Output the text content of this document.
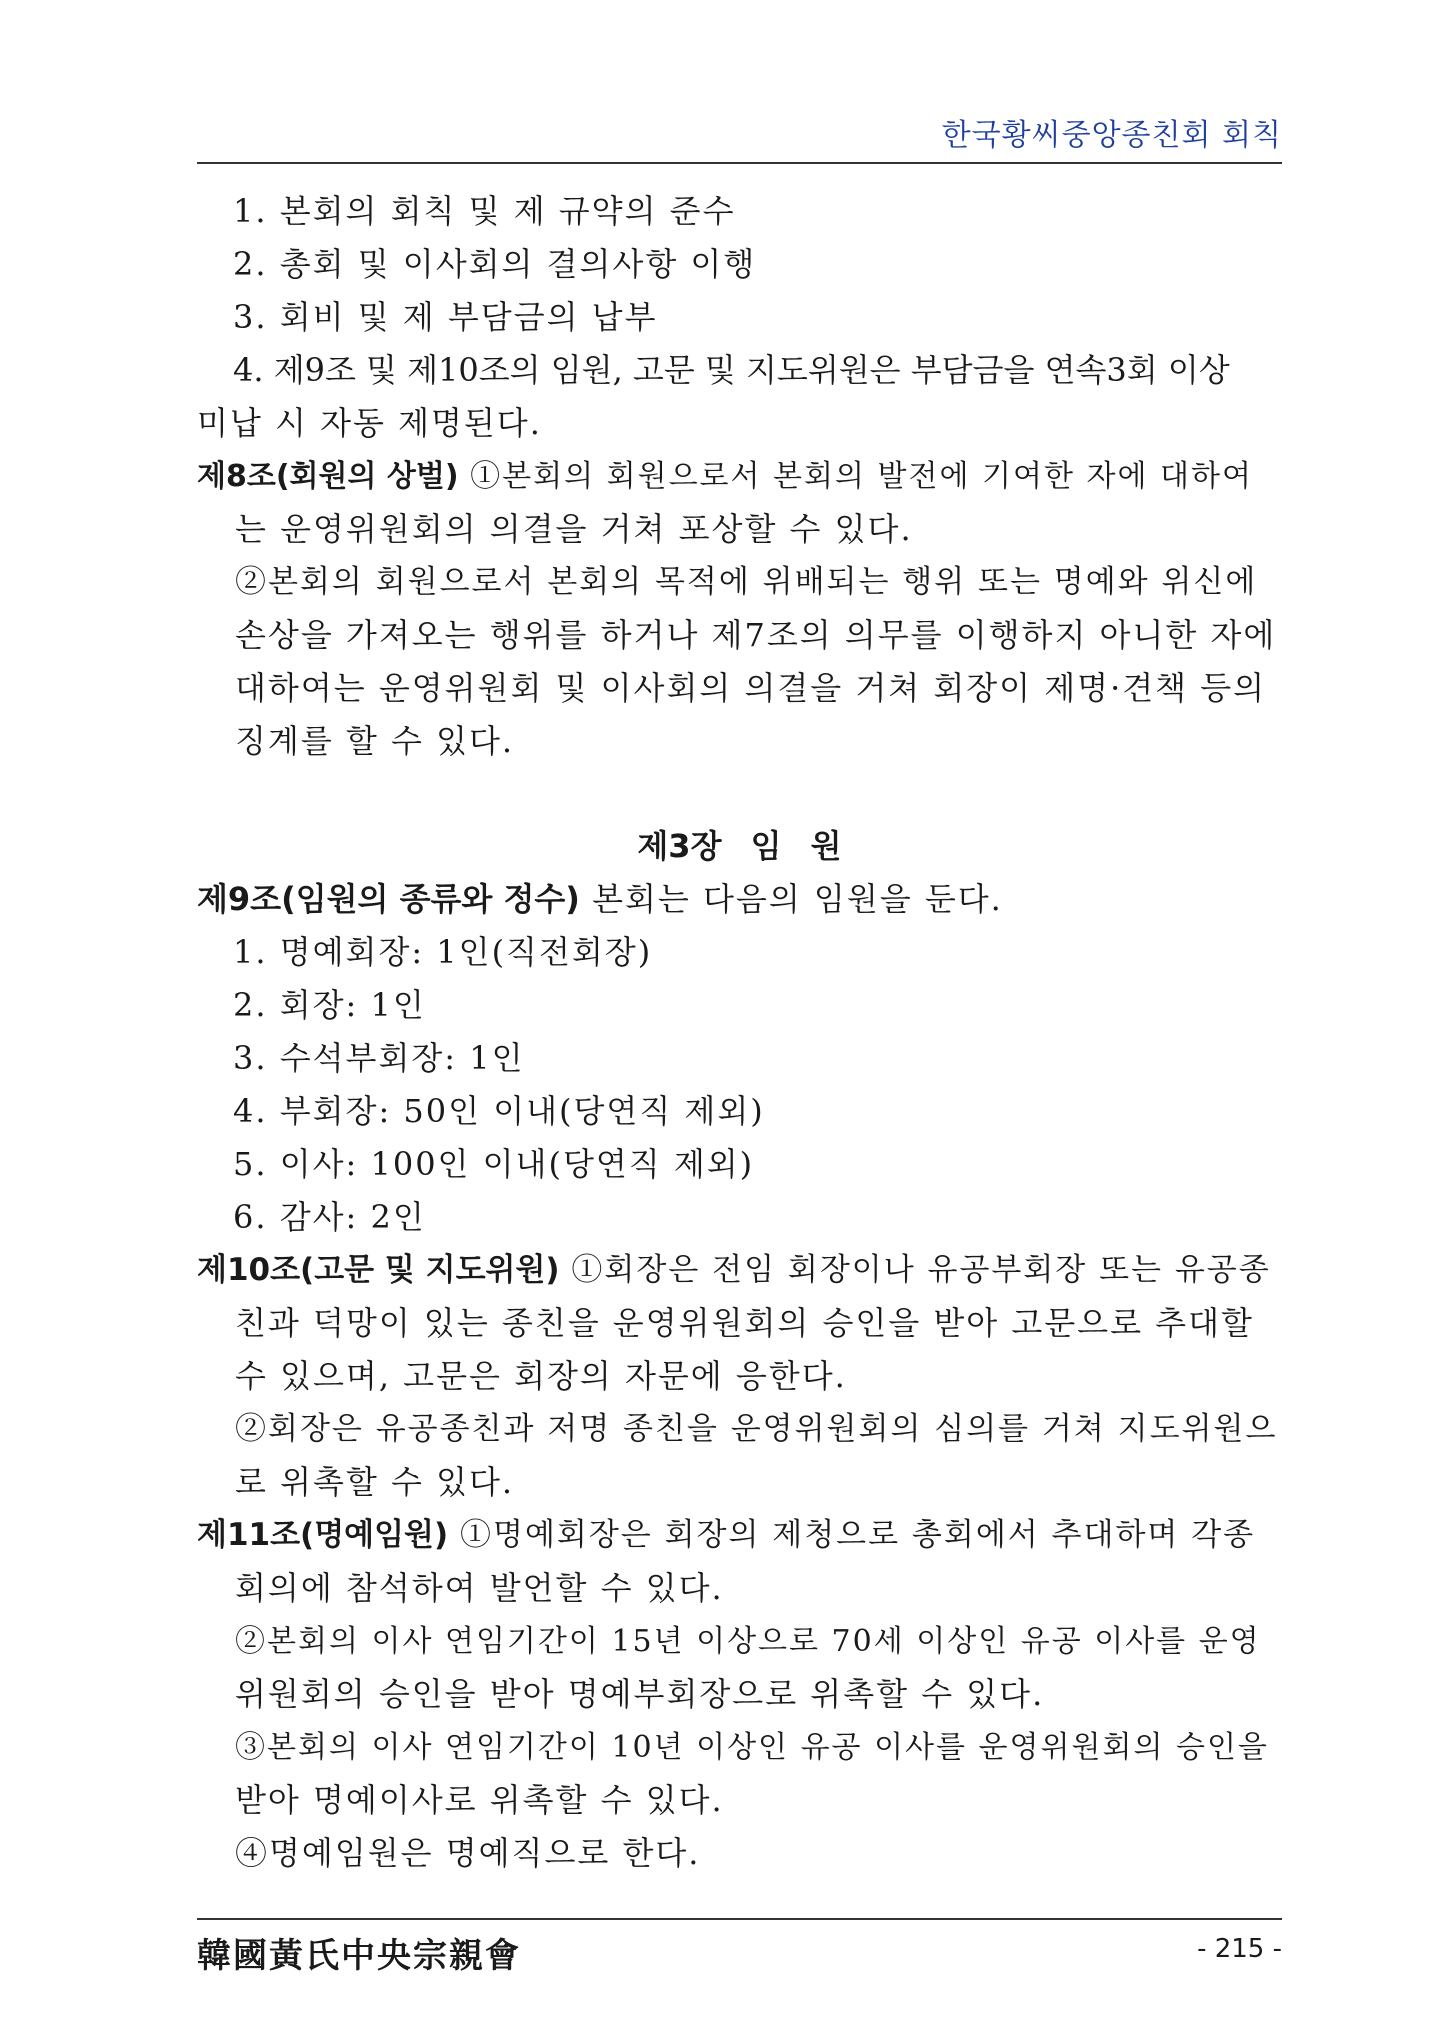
한국황씨중앙종친회 회칙
1. 본회의 회칙 및 제 규약의 준수
2. 총회 및 이사회의 결의사항 이행
3. 회비 및 제 부담금의 납부
4. 제9조 및 제10조의 임원, 고문 및 지도위원은 부담금을 연속3회 이상
미납 시 자동 제명된다.
제8조(회원의 상벌) ①본회의 회원으로서 본회의 발전에 기여한 자에 대하여
는 운영위원회의 의결을 거쳐 포상할 수 있다.
②본회의 회원으로서 본회의 목적에 위배되는 행위 또는 명예와 위신에
손상을 가져오는 행위를 하거나 제7조의 의무를 이행하지 아니한 자에
대하여는 운영위원회 및 이사회의 의결을 거쳐 회장이 제명·견책 등의
징계를 할 수 있다.
제3장 임 원
제9조(임원의 종류와 정수) 본회는 다음의 임원을 둔다.
1. 명예회장: 1인(직전회장)
2. 회장: 1인
3. 수석부회장: 1인
4. 부회장: 50인 이내(당연직 제외)
5. 이사: 100인 이내(당연직 제외)
6. 감사: 2인
제10조(고문 및 지도위원) ①회장은 전임 회장이나 유공부회장 또는 유공종
친과 덕망이 있는 종친을 운영위원회의 승인을 받아 고문으로 추대할
수 있으며, 고문은 회장의 자문에 응한다.
②회장은 유공종친과 저명 종친을 운영위원회의 심의를 거쳐 지도위원으
로 위촉할 수 있다.
제11조(명예임원) ①명예회장은 회장의 제청으로 총회에서 추대하며 각종
회의에 참석하여 발언할 수 있다.
②본회의 이사 연임기간이 15년 이상으로 70세 이상인 유공 이사를 운영
위원회의 승인을 받아 명예부회장으로 위촉할 수 있다.
③본회의 이사 연임기간이 10년 이상인 유공 이사를 운영위원회의 승인을
받아 명예이사로 위촉할 수 있다.
④명예임원은 명예직으로 한다.
韓國黃氏中央宗親會	- 215 -
